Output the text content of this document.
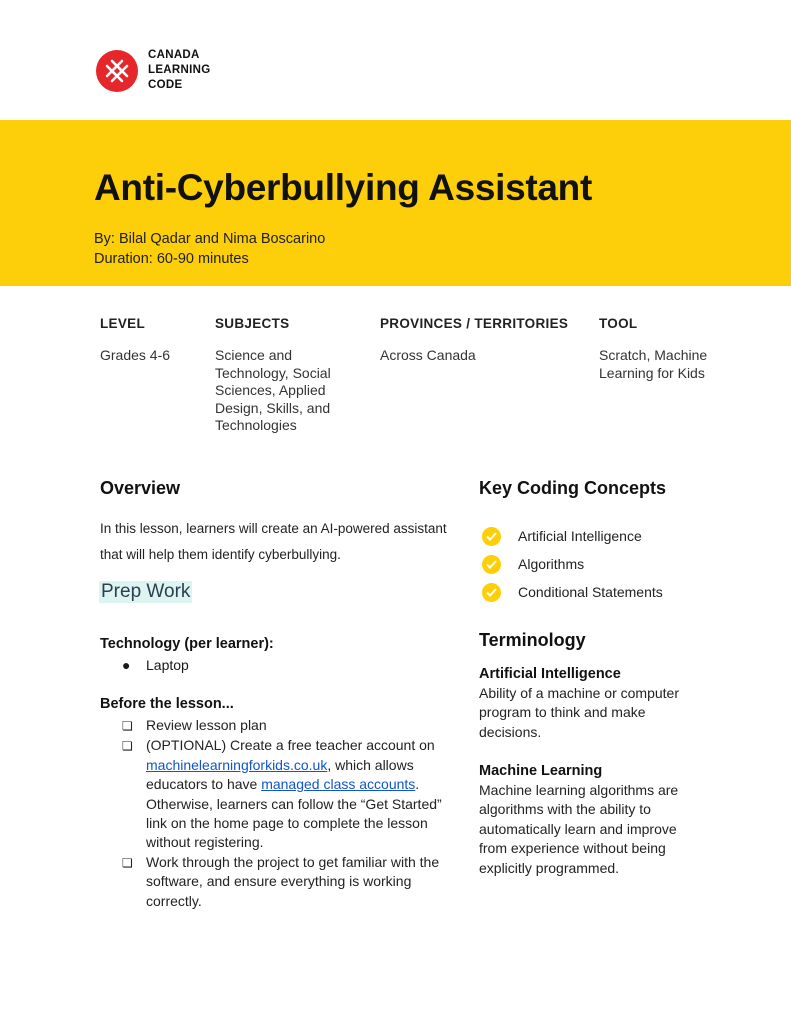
CANADA
LEARNING
CODE
Anti-Cyberbullying Assistant
By: Bilal Qadar and Nima Boscarino
Duration: 60-90 minutes
LEVEL
Grades 4-6
SUBJECTS
Science and Technology, Social Sciences, Applied Design, Skills, and Technologies
PROVINCES / TERRITORIES
Across Canada
TOOL
Scratch, Machine Learning for Kids
Overview
In this lesson, learners will create an AI-powered assistant that will help them identify cyberbullying.
Prep Work
Technology (per learner):
●	Laptop
Before the lesson...
❏ Review lesson plan
❏ (OPTIONAL) Create a free teacher account on machinelearningforkids.co.uk, which allows educators to have managed class accounts. Otherwise, learners can follow the “Get Started” link on the home page to complete the lesson without registering.
❏ Work through the project to get familiar with the software, and ensure everything is working correctly.
Key Coding Concepts
Artificial Intelligence
Algorithms
Conditional Statements
Terminology
Artificial Intelligence
Ability of a machine or computer program to think and make decisions.
Machine Learning
Machine learning algorithms are algorithms with the ability to automatically learn and improve from experience without being explicitly programmed.
